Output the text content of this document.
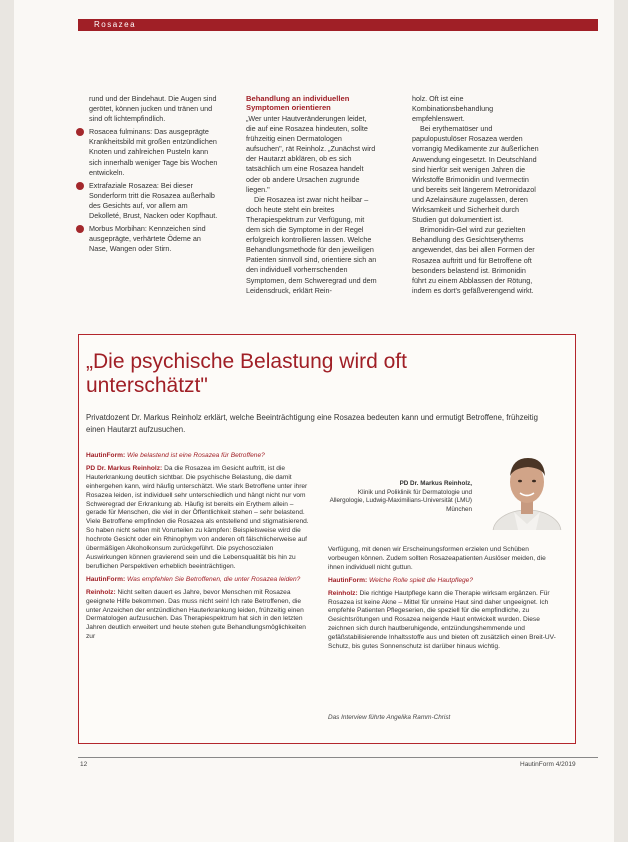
Rosazea

rund und der Bindehaut. Die Augen sind gerötet, können jucken und tränen und sind oft lichtempfindlich.

Rosacea fulminans: Das ausgeprägte Krankheitsbild mit großen entzündlichen Knoten und zahlreichen Pusteln kann sich innerhalb weniger Tage bis Wochen entwickeln.

Extrafaziale Rosazea: Bei dieser Sonderform tritt die Rosazea außerhalb des Gesichts auf, vor allem am Dekolleté, Brust, Nacken oder Kopfhaut.

Morbus Morbihan: Kennzeichen sind ausgeprägte, verhärtete Ödeme an Nase, Wangen oder Stirn.

Behandlung an individuellen Symptomen orientieren

„Wer unter Hautveränderungen leidet, die auf eine Rosazea hindeuten, sollte frühzeitig einen Dermatologen aufsuchen", rät Reinholz. „Zunächst wird der Hautarzt abklären, ob es sich tatsächlich um eine Rosazea handelt oder ob andere Ursachen zugrunde liegen."

Die Rosazea ist zwar nicht heilbar – doch heute steht ein breites Therapiespektrum zur Verfügung, mit dem sich die Symptome in der Regel erfolgreich kontrollieren lassen. Welche Behandlungsmethode für den jeweiligen Patienten sinnvoll sind, orientiere sich an den individuell vorherrschenden Symptomen, dem Schweregrad und dem Leidensdruck, erklärt Rein-

holz. Oft ist eine Kombinationsbehandlung empfehlenswert.

Bei erythematöser und papulopustulöser Rosazea werden vorrangig Medikamente zur äußerlichen Anwendung eingesetzt. In Deutschland sind hierfür seit wenigen Jahren die Wirkstoffe Brimonidin und Ivermectin und bereits seit längerem Metronidazol und Azelainsäure zugelassen, deren Wirksamkeit und Sicherheit durch Studien gut dokumentiert ist.

Brimonidin-Gel wird zur gezielten Behandlung des Gesichtserythems angewendet, das bei allen Formen der Rosazea auftritt und für Betroffene oft besonders belastend ist. Brimonidin führt zu einem Abblassen der Rötung, indem es dort's gefäßverengend wirkt.

„Die psychische Belastung wird oft unterschätzt"
Privatdozent Dr. Markus Reinholz erklärt, welche Beeinträchtigung eine Rosazea bedeuten kann und ermutigt Betroffene, frühzeitig einen Hautarzt aufzusuchen.

HautinForm: Wie belastend ist eine Rosazea für Betroffene?

PD Dr. Markus Reinholz: Da die Rosazea im Gesicht auftritt, ist die Hauterkrankung deutlich sichtbar. Die psychische Belastung, die damit einhergehen kann, wird häufig unterschätzt. Wie stark Betroffene unter ihrer Rosazea leiden, ist individuell sehr unterschiedlich und hängt nicht nur vom Schweregrad der Erkrankung ab. Häufig ist bereits ein Erythem allein – gerade für Menschen, die viel in der Öffentlichkeit stehen – sehr belastend. Viele Betroffene empfinden die Rosazea als entstellend und stigmatisierend. So haben nicht selten mit Vorurteilen zu kämpfen: Beispielsweise wird die hochrote Gesicht oder ein Rhinophym von anderen oft fälschlicherweise auf übermäßigen Alkoholkonsum zurückgeführt. Die psychosozialen Auswirkungen können gravierend sein und die Lebensqualität bis hin zu beruflichen Perspektiven erheblich beeinträchtigen.

HautinForm: Was empfehlen Sie Betroffenen, die unter Rosazea leiden?

Reinholz: Nicht selten dauert es Jahre, bevor Menschen mit Rosazea geeignete Hilfe bekommen. Das muss nicht sein! Ich rate Betroffenen, die unter Anzeichen der entzündlichen Hauterkrankung leiden, frühzeitig einen Dermatologen aufzusuchen. Das Therapiespektrum hat sich in den letzten Jahren deutlich erweitert und heute stehen gute Behandlungsmöglichkeiten zur

PD Dr. Markus Reinholz,
Klinik und Poliklinik für Dermatologie und Allergologie, Ludwig-Maximilians-Universität (LMU) München

Verfügung, mit denen wir Erscheinungsformen erzielen und Schüben vorbeugen können. Zudem sollten Rosazeapatienten Auslöser meiden, die ihnen individuell nicht guttun.

HautinForm: Welche Rolle spielt die Hautpflege?

Reinholz: Die richtige Hautpflege kann die Therapie wirksam ergänzen. Für Rosazea ist keine Akne – Mittel für unreine Haut sind daher ungeeignet. Ich empfehle Patienten Pflegeserien, die speziell für die empfindliche, zu Gesichtsrötungen und Rosazea neigende Haut entwickelt wurden. Diese zeichnen sich durch hautberuhigende, entzündungshemmende und gefäßstabilisierende Inhaltsstoffe aus und bieten oft zusätzlich einen Breit-UV-Schutz, bis gutes Sonnenschutz ist darüber hinaus wichtig.

Das Interview führte Angelika Ramm-Christ
12	HautinForm 4/2019
